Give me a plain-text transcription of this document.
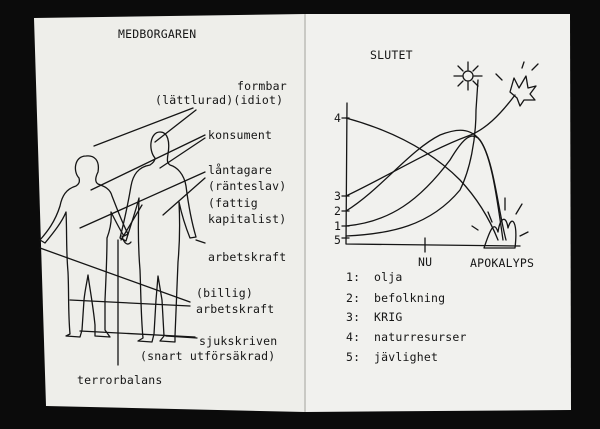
MEDBORGAREN
formbar
(lättlurad)(idiot)
konsument
låntagare
(ränteslav)
(fattig
kapitalist)
arbetskraft
(billig)
arbetskraft
sjukskriven
(snart utförsäkrad)
terrorbalans
SLUTET
4
3
2
1
5
NU	APOKALYPS
1: olja
2: befolkning
3: KRIG
4: naturresurser
5: jävlighet
